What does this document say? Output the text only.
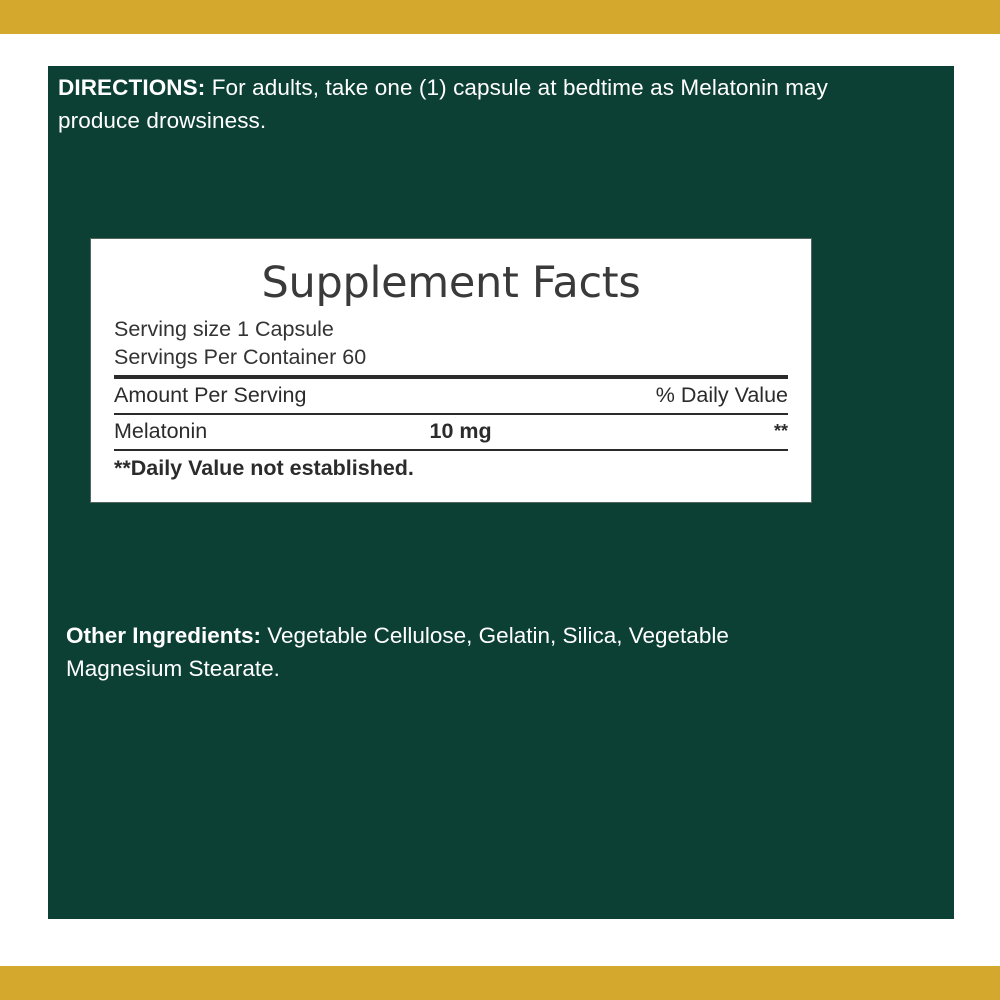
DIRECTIONS: For adults, take one (1) capsule at bedtime as Melatonin may produce drowsiness.
Supplement Facts
Serving size 1 Capsule
Servings Per Container 60
Amount Per Serving	% Daily Value
Melatonin	10 mg	**
**Daily Value not established.
Other Ingredients: Vegetable Cellulose, Gelatin, Silica, Vegetable Magnesium Stearate.
